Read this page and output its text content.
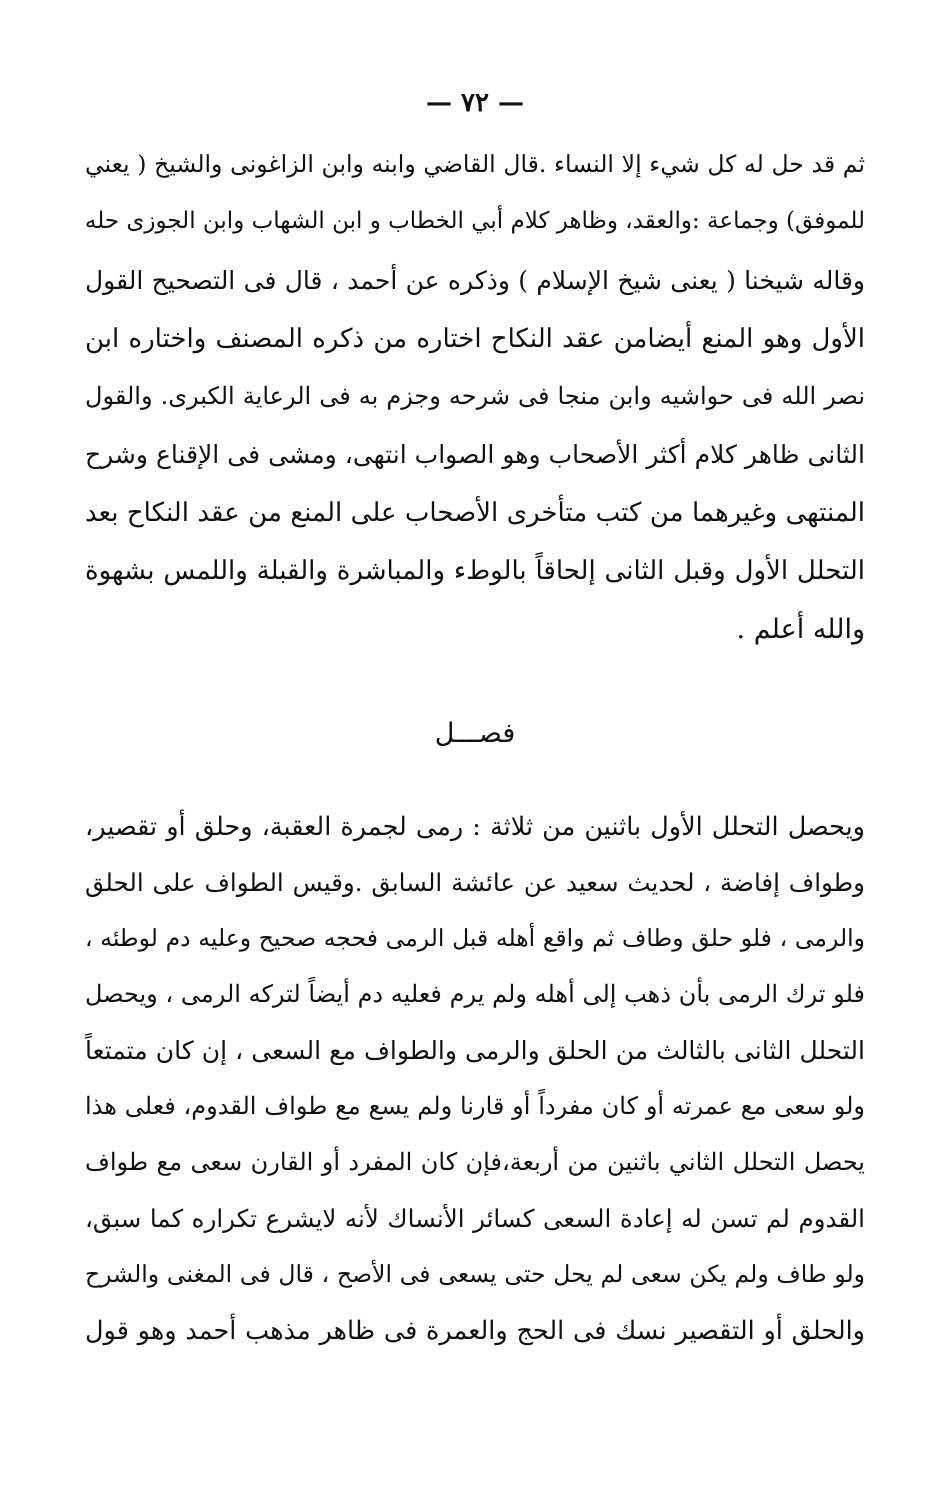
— ٧٢ —
ثم قد حل له كل شيء إلا النساء .قال القاضي وابنه وابن الزاغونى والشيخ ( يعني
للموفق) وجماعة :والعقد، وظاهر كلام أبي الخطاب و ابن الشهاب وابن الجوزى حله
وقاله شيخنا ( يعنى شيخ الإسلام ) وذكره عن أحمد ، قال فى التصحيح القول
الأول وهو المنع أيضامن عقد النكاح اختاره من ذكره المصنف واختاره ابن
نصر الله فى حواشيه وابن منجا فى شرحه وجزم به فى الرعاية الكبرى. والقول
الثانى ظاهر كلام أكثر الأصحاب وهو الصواب انتهى، ومشى فى الإقناع وشرح
المنتهى وغيرهما من كتب متأخرى الأصحاب على المنع من عقد النكاح بعد
التحلل الأول وقبل الثانى إلحاقاً بالوطء والمباشرة والقبلة واللمس بشهوة
والله أعلم .
فصـــل
ويحصل التحلل الأول باثنين من ثلاثة : رمى لجمرة العقبة، وحلق أو تقصير،
وطواف إفاضة ، لحديث سعيد عن عائشة السابق .وقيس الطواف على الحلق
والرمى ، فلو حلق وطاف ثم واقع أهله قبل الرمى فحجه صحيح وعليه دم لوطئه ،
فلو ترك الرمى بأن ذهب إلى أهله ولم يرم فعليه دم أيضاً لتركه الرمى ، ويحصل
التحلل الثانى بالثالث من الحلق والرمى والطواف مع السعى ، إن كان متمتعاً
ولو سعى مع عمرته أو كان مفرداً أو قارنا ولم يسع مع طواف القدوم، فعلى هذا
يحصل التحلل الثاني باثنين من أربعة،فإن كان المفرد أو القارن سعى مع طواف
القدوم لم تسن له إعادة السعى كسائر الأنساك لأنه لايشرع تكراره كما سبق،
ولو طاف ولم يكن سعى لم يحل حتى يسعى فى الأصح ، قال فى المغنى والشرح
والحلق أو التقصير نسك فى الحج والعمرة فى ظاهر مذهب أحمد وهو قول
